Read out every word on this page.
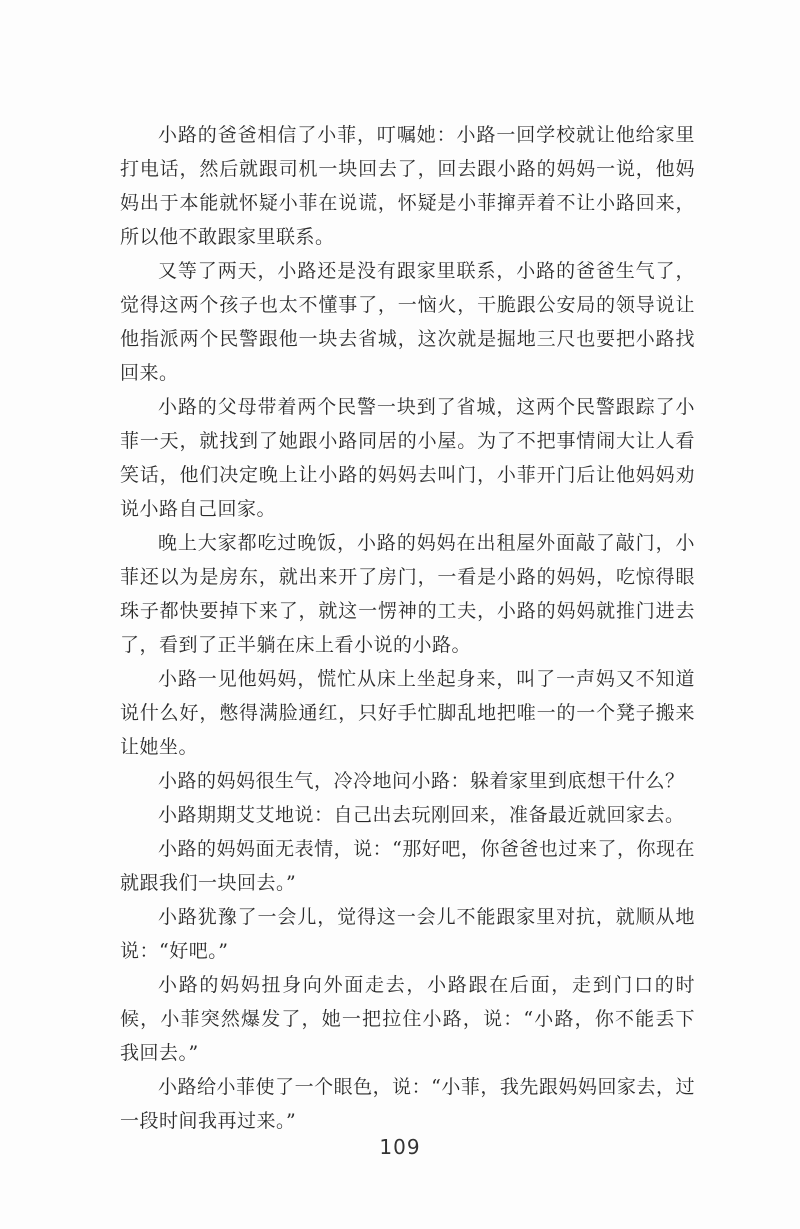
小路的爸爸相信了小菲，叮嘱她：小路一回学校就让他给家里打电话，然后就跟司机一块回去了，回去跟小路的妈妈一说，他妈妈出于本能就怀疑小菲在说谎，怀疑是小菲撺弄着不让小路回来，所以他不敢跟家里联系。

又等了两天，小路还是没有跟家里联系，小路的爸爸生气了，觉得这两个孩子也太不懂事了，一恼火，干脆跟公安局的领导说让他指派两个民警跟他一块去省城，这次就是掘地三尺也要把小路找回来。

小路的父母带着两个民警一块到了省城，这两个民警跟踪了小菲一天，就找到了她跟小路同居的小屋。为了不把事情闹大让人看笑话，他们决定晚上让小路的妈妈去叫门，小菲开门后让他妈妈劝说小路自己回家。

晚上大家都吃过晚饭，小路的妈妈在出租屋外面敲了敲门，小菲还以为是房东，就出来开了房门，一看是小路的妈妈，吃惊得眼珠子都快要掉下来了，就这一愣神的工夫，小路的妈妈就推门进去了，看到了正半躺在床上看小说的小路。

小路一见他妈妈，慌忙从床上坐起身来，叫了一声妈又不知道说什么好，憋得满脸通红，只好手忙脚乱地把唯一的一个凳子搬来让她坐。

小路的妈妈很生气，冷冷地问小路：躲着家里到底想干什么？

小路期期艾艾地说：自己出去玩刚回来，准备最近就回家去。

小路的妈妈面无表情，说：“那好吧，你爸爸也过来了，你现在就跟我们一块回去。”

小路犹豫了一会儿，觉得这一会儿不能跟家里对抗，就顺从地说：“好吧。”

小路的妈妈扭身向外面走去，小路跟在后面，走到门口的时候，小菲突然爆发了，她一把拉住小路，说：“小路，你不能丢下我回去。”

小路给小菲使了一个眼色，说：“小菲，我先跟妈妈回家去，过一段时间我再过来。”

109
